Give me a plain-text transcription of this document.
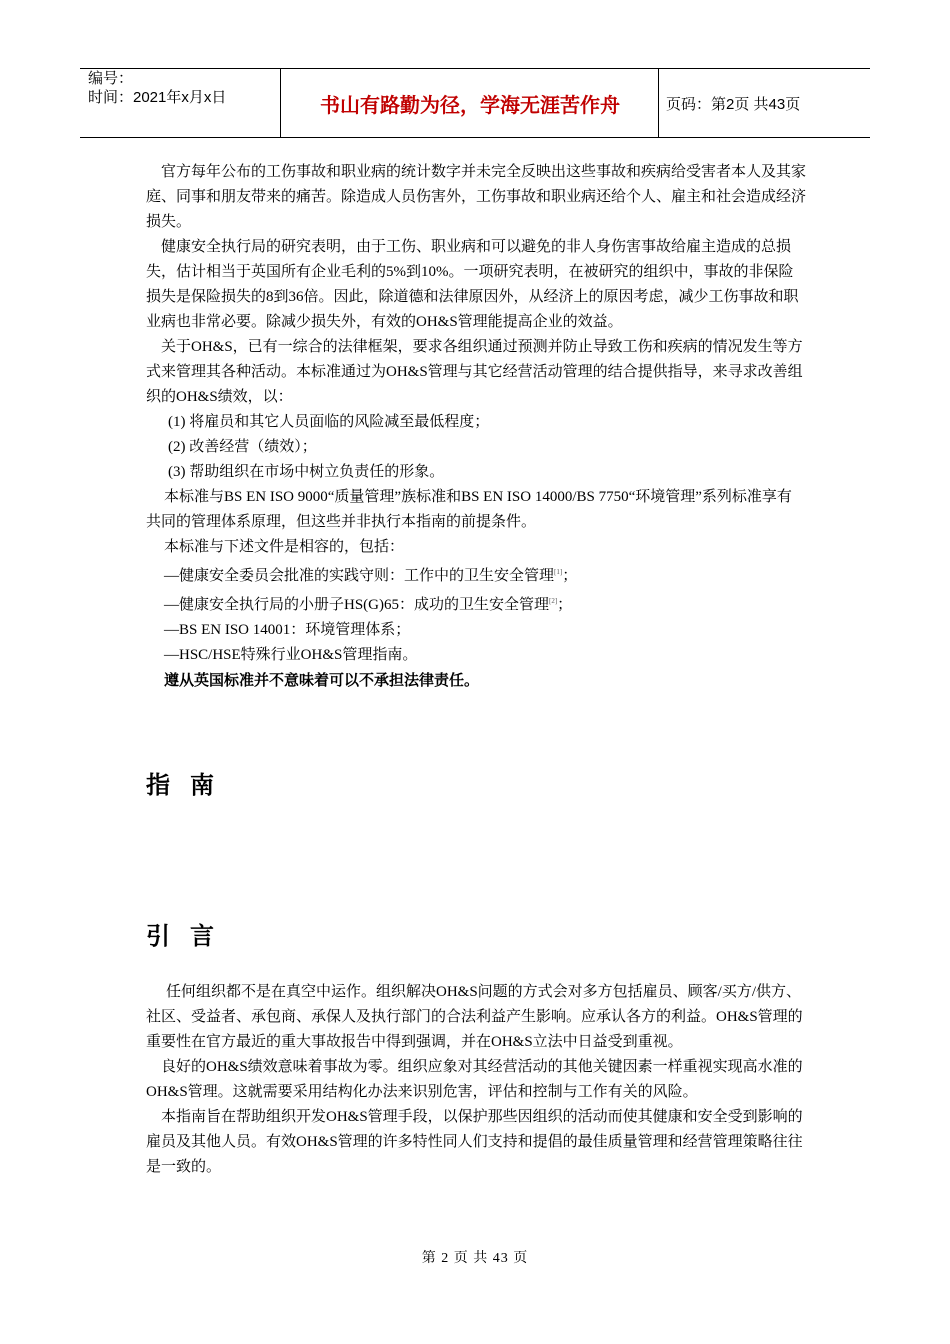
编号：
时间：2021年x月x日	书山有路勤为径，学海无涯苦作舟	页码：第2页 共43页

官方每年公布的工伤事故和职业病的统计数字并未完全反映出这些事故和疾病给受害者本人及其家庭、同事和朋友带来的痛苦。除造成人员伤害外，工伤事故和职业病还给个人、雇主和社会造成经济损失。

健康安全执行局的研究表明，由于工伤、职业病和可以避免的非人身伤害事故给雇主造成的总损失，估计相当于英国所有企业毛利的5%到10%。一项研究表明，在被研究的组织中，事故的非保险损失是保险损失的8到36倍。因此，除道德和法律原因外，从经济上的原因考虑，减少工伤事故和职业病也非常必要。除减少损失外，有效的OH&S管理能提高企业的效益。

关于OH&S，已有一综合的法律框架，要求各组织通过预测并防止导致工伤和疾病的情况发生等方式来管理其各种活动。本标准通过为OH&S管理与其它经营活动管理的结合提供指导，来寻求改善组织的OH&S绩效，以：

(1) 将雇员和其它人员面临的风险减至最低程度；

(2) 改善经营（绩效）；

(3) 帮助组织在市场中树立负责任的形象。

本标准与BS EN ISO 9000“质量管理”族标准和BS EN ISO 14000/BS 7750“环境管理”系列标准享有共同的管理体系原理，但这些并非执行本指南的前提条件。

本标准与下述文件是相容的，包括：

—健康安全委员会批准的实践守则：工作中的卫生安全管理[1]；

—健康安全执行局的小册子HS(G)65：成功的卫生安全管理[2]；

—BS EN ISO 14001：环境管理体系；

—HSC/HSE特殊行业OH&S管理指南。

遵从英国标准并不意味着可以不承担法律责任。

指南
引言

任何组织都不是在真空中运作。组织解决OH&S问题的方式会对多方包括雇员、顾客/买方/供方、社区、受益者、承包商、承保人及执行部门的合法利益产生影响。应承认各方的利益。OH&S管理的重要性在官方最近的重大事故报告中得到强调，并在OH&S立法中日益受到重视。

良好的OH&S绩效意味着事故为零。组织应象对其经营活动的其他关键因素一样重视实现高水准的OH&S管理。这就需要采用结构化办法来识别危害，评估和控制与工作有关的风险。

本指南旨在帮助组织开发OH&S管理手段，以保护那些因组织的活动而使其健康和安全受到影响的雇员及其他人员。有效OH&S管理的许多特性同人们支持和提倡的最佳质量管理和经营管理策略往往是一致的。

第 2 页 共 43 页
